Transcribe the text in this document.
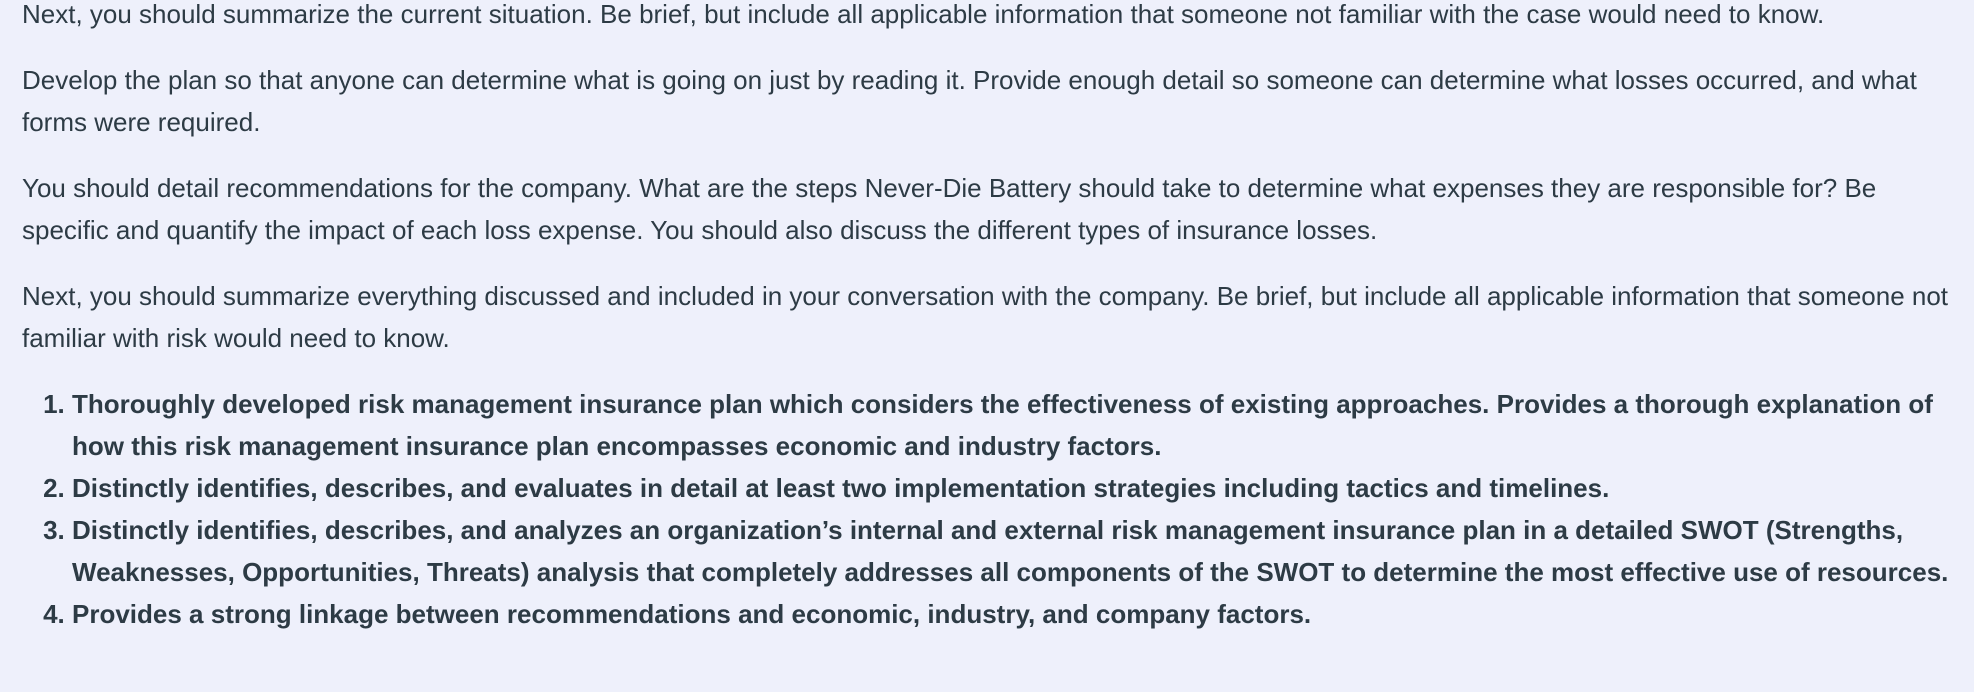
Next, you should summarize the current situation. Be brief, but include all applicable information that someone not familiar with the case would need to know.

Develop the plan so that anyone can determine what is going on just by reading it. Provide enough detail so someone can determine what losses occurred, and what forms were required.

You should detail recommendations for the company. What are the steps Never-Die Battery should take to determine what expenses they are responsible for? Be specific and quantify the impact of each loss expense. You should also discuss the different types of insurance losses.

Next, you should summarize everything discussed and included in your conversation with the company. Be brief, but include all applicable information that someone not familiar with risk would need to know.

1. Thoroughly developed risk management insurance plan which considers the effectiveness of existing approaches. Provides a thorough explanation of how this risk management insurance plan encompasses economic and industry factors.
2. Distinctly identifies, describes, and evaluates in detail at least two implementation strategies including tactics and timelines.
3. Distinctly identifies, describes, and analyzes an organization’s internal and external risk management insurance plan in a detailed SWOT (Strengths, Weaknesses, Opportunities, Threats) analysis that completely addresses all components of the SWOT to determine the most effective use of resources.
4. Provides a strong linkage between recommendations and economic, industry, and company factors.
